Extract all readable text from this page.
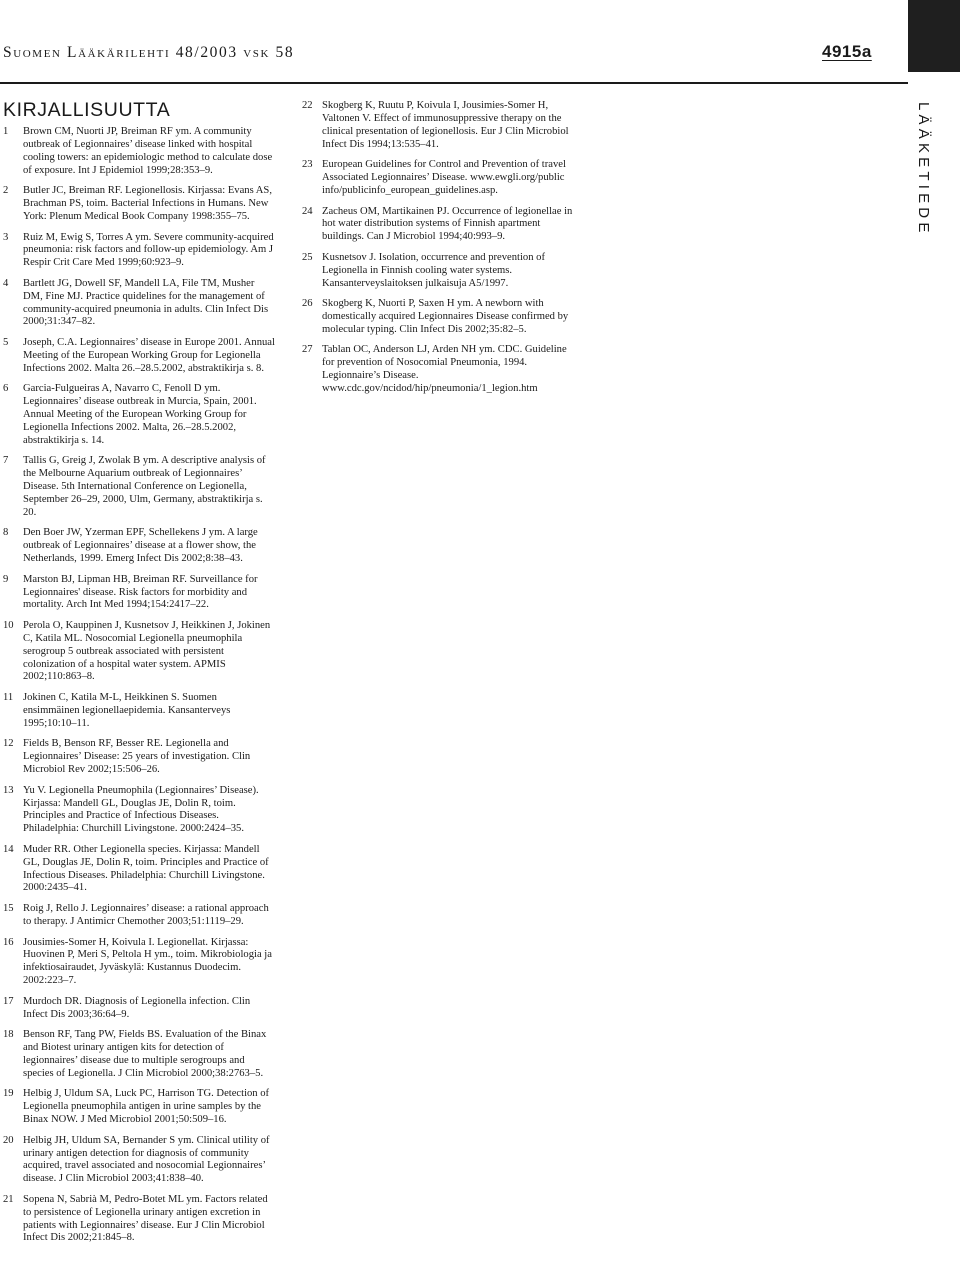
Suomen Lääkärilehti 48/2003 vsk 58	4915a
LÄÄKETIEDE
KIRJALLISUUTTA
1 Brown CM, Nuorti JP, Breiman RF ym. A community outbreak of Legionnaires’ disease linked with hospital cooling towers: an epidemiologic method to calculate dose of exposure. Int J Epidemiol 1999;28:353–9.
2 Butler JC, Breiman RF. Legionellosis. Kirjassa: Evans AS, Brachman PS, toim. Bacterial Infections in Humans. New York: Plenum Medical Book Company 1998:355–75.
3 Ruiz M, Ewig S, Torres A ym. Severe community-acquired pneumonia: risk factors and follow-up epidemiology. Am J Respir Crit Care Med 1999;60:923–9.
4 Bartlett JG, Dowell SF, Mandell LA, File TM, Musher DM, Fine MJ. Practice quidelines for the management of community-acquired pneumonia in adults. Clin Infect Dis 2000;31:347–82.
5 Joseph, C.A. Legionnaires’ disease in Europe 2001. Annual Meeting of the European Working Group for Legionella Infections 2002. Malta 26.–28.5.2002, abstraktikirja s. 8.
6 Garcia-Fulgueiras A, Navarro C, Fenoll D ym. Legionnaires’ disease outbreak in Murcia, Spain, 2001. Annual Meeting of the European Working Group for Legionella Infections 2002. Malta, 26.–28.5.2002, abstraktikirja s. 14.
7 Tallis G, Greig J, Zwolak B ym. A descriptive analysis of the Melbourne Aquarium outbreak of Legionnaires’ Disease. 5th International Conference on Legionella, September 26–29, 2000, Ulm, Germany, abstraktikirja s. 20.
8 Den Boer JW, Yzerman EPF, Schellekens J ym. A large outbreak of Legionnaires’ disease at a flower show, the Netherlands, 1999. Emerg Infect Dis 2002;8:38–43.
9 Marston BJ, Lipman HB, Breiman RF. Surveillance for Legionnaires' disease. Risk factors for morbidity and mortality. Arch Int Med 1994;154:2417–22.
10 Perola O, Kauppinen J, Kusnetsov J, Heikkinen J, Jokinen C, Katila ML. Nosocomial Legionella pneumophila serogroup 5 outbreak associated with persistent colonization of a hospital water system. APMIS 2002;110:863–8.
11 Jokinen C, Katila M-L, Heikkinen S. Suomen ensimmäinen legionellaepidemia. Kansanterveys 1995;10:10–11.
12 Fields B, Benson RF, Besser RE. Legionella and Legionnaires’ Disease: 25 years of investigation. Clin Microbiol Rev 2002;15:506–26.
13 Yu V. Legionella Pneumophila (Legionnaires’ Disease). Kirjassa: Mandell GL, Douglas JE, Dolin R, toim. Principles and Practice of Infectious Diseases. Philadelphia: Churchill Livingstone. 2000:2424–35.
14 Muder RR. Other Legionella species. Kirjassa: Mandell GL, Douglas JE, Dolin R, toim. Principles and Practice of Infectious Diseases. Philadelphia: Churchill Livingstone. 2000:2435–41.
15 Roig J, Rello J. Legionnaires’ disease: a rational approach to therapy. J Antimicr Chemother 2003;51:1119–29.
16 Jousimies-Somer H, Koivula I. Legionellat. Kirjassa: Huovinen P, Meri S, Peltola H ym., toim. Mikrobiologia ja infektiosairaudet, Jyväskylä: Kustannus Duodecim. 2002:223–7.
17 Murdoch DR. Diagnosis of Legionella infection. Clin Infect Dis 2003;36:64–9.
18 Benson RF, Tang PW, Fields BS. Evaluation of the Binax and Biotest urinary antigen kits for detection of legionnaires’ disease due to multiple serogroups and species of Legionella. J Clin Microbiol 2000;38:2763–5.
19 Helbig J, Uldum SA, Luck PC, Harrison TG. Detection of Legionella pneumophila antigen in urine samples by the Binax NOW. J Med Microbiol 2001;50:509–16.
20 Helbig JH, Uldum SA, Bernander S ym. Clinical utility of urinary antigen detection for diagnosis of community acquired, travel associated and nosocomial Legionnaires’ disease. J Clin Microbiol 2003;41:838–40.
21 Sopena N, Sabrià M, Pedro-Botet ML ym. Factors related to persistence of Legionella urinary antigen excretion in patients with Legionnaires’ disease. Eur J Clin Microbiol Infect Dis 2002;21:845–8.
22 Skogberg K, Ruutu P, Koivula I, Jousimies-Somer H, Valtonen V. Effect of immunosuppressive therapy on the clinical presentation of legionellosis. Eur J Clin Microbiol Infect Dis 1994;13:535–41.
23 European Guidelines for Control and Prevention of travel Associated Legionnaires’ Disease. www.ewgli.org/public info/publicinfo_european_guidelines.asp.
24 Zacheus OM, Martikainen PJ. Occurrence of legionellae in hot water distribution systems of Finnish apartment buildings. Can J Microbiol 1994;40:993–9.
25 Kusnetsov J. Isolation, occurrence and prevention of Legionella in Finnish cooling water systems. Kansanterveyslaitoksen julkaisuja A5/1997.
26 Skogberg K, Nuorti P, Saxen H ym. A newborn with domestically acquired Legionnaires Disease confirmed by molecular typing. Clin Infect Dis 2002;35:82–5.
27 Tablan OC, Anderson LJ, Arden NH ym. CDC. Guideline for prevention of Nosocomial Pneumonia, 1994. Legionnaire’s Disease. www.cdc.gov/ncidod/hip/pneumonia/1_legion.htm
